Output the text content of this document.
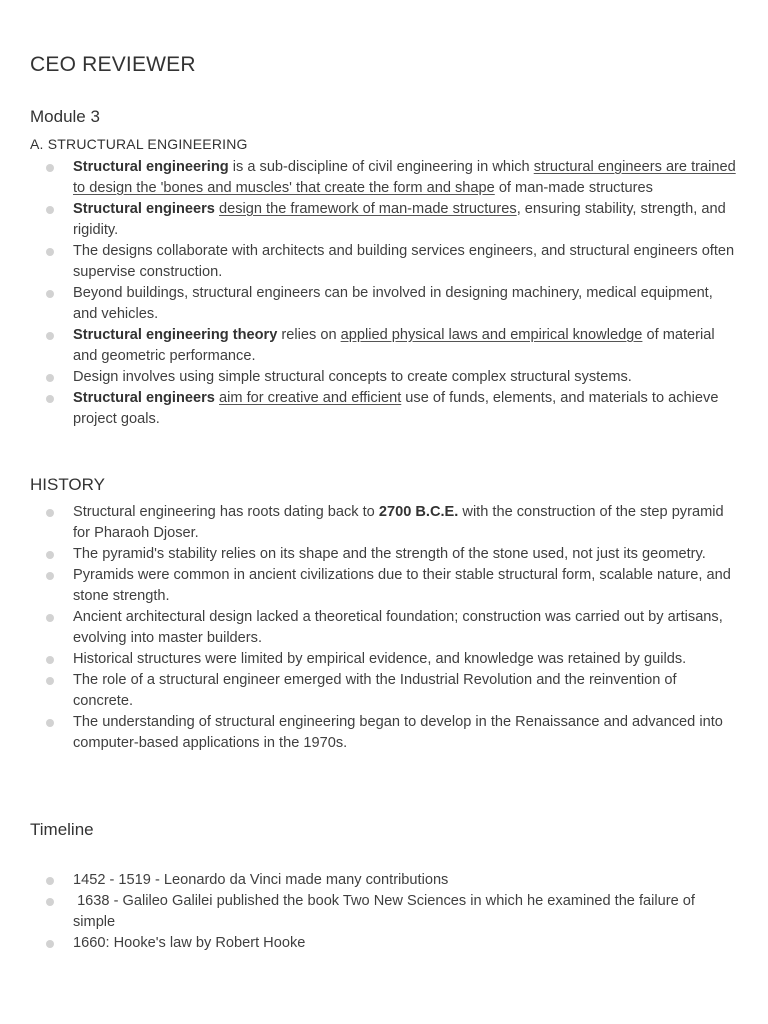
CEO REVIEWER
Module 3
A. STRUCTURAL ENGINEERING
Structural engineering is a sub-discipline of civil engineering in which structural engineers are trained to design the 'bones and muscles' that create the form and shape of man-made structures
Structural engineers design the framework of man-made structures, ensuring stability, strength, and rigidity.
The designs collaborate with architects and building services engineers, and structural engineers often supervise construction.
Beyond buildings, structural engineers can be involved in designing machinery, medical equipment, and vehicles.
Structural engineering theory relies on applied physical laws and empirical knowledge of material and geometric performance.
Design involves using simple structural concepts to create complex structural systems.
Structural engineers aim for creative and efficient use of funds, elements, and materials to achieve project goals.
HISTORY
Structural engineering has roots dating back to 2700 B.C.E. with the construction of the step pyramid for Pharaoh Djoser.
The pyramid's stability relies on its shape and the strength of the stone used, not just its geometry.
Pyramids were common in ancient civilizations due to their stable structural form, scalable nature, and stone strength.
Ancient architectural design lacked a theoretical foundation; construction was carried out by artisans, evolving into master builders.
Historical structures were limited by empirical evidence, and knowledge was retained by guilds.
The role of a structural engineer emerged with the Industrial Revolution and the reinvention of concrete.
The understanding of structural engineering began to develop in the Renaissance and advanced into computer-based applications in the 1970s.
Timeline
1452 - 1519 - Leonardo da Vinci made many contributions
1638 - Galileo Galilei published the book Two New Sciences in which he examined the failure of simple
1660: Hooke's law by Robert Hooke
